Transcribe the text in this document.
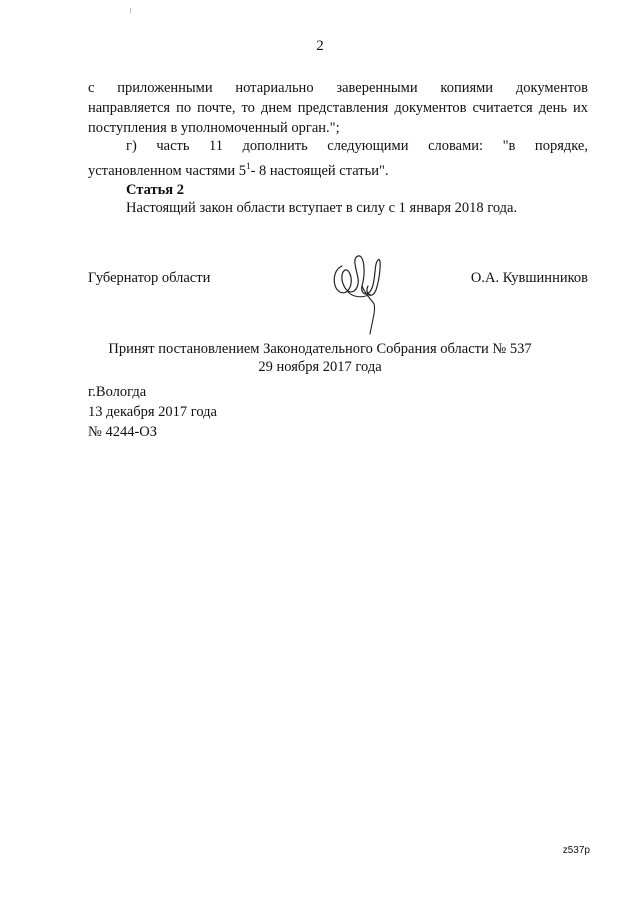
2
с приложенными нотариально заверенными копиями документов
направляется по почте, то днем представления документов считается день их
поступления в уполномоченный орган.";
г) часть 11 дополнить следующими словами: "в порядке,
установленном частями $5^1-$ 8 настоящей статьи".
Статья 2
Настоящий закон области вступает в силу с 1 января 2018 года.
Губернатор области	О.А. Кувшинников
Принят постановлением Законодательного Собрания области № 537
29 ноября 2017 года
г.Вологда
13 декабря 2017 года
№ 4244-ОЗ
z537p
